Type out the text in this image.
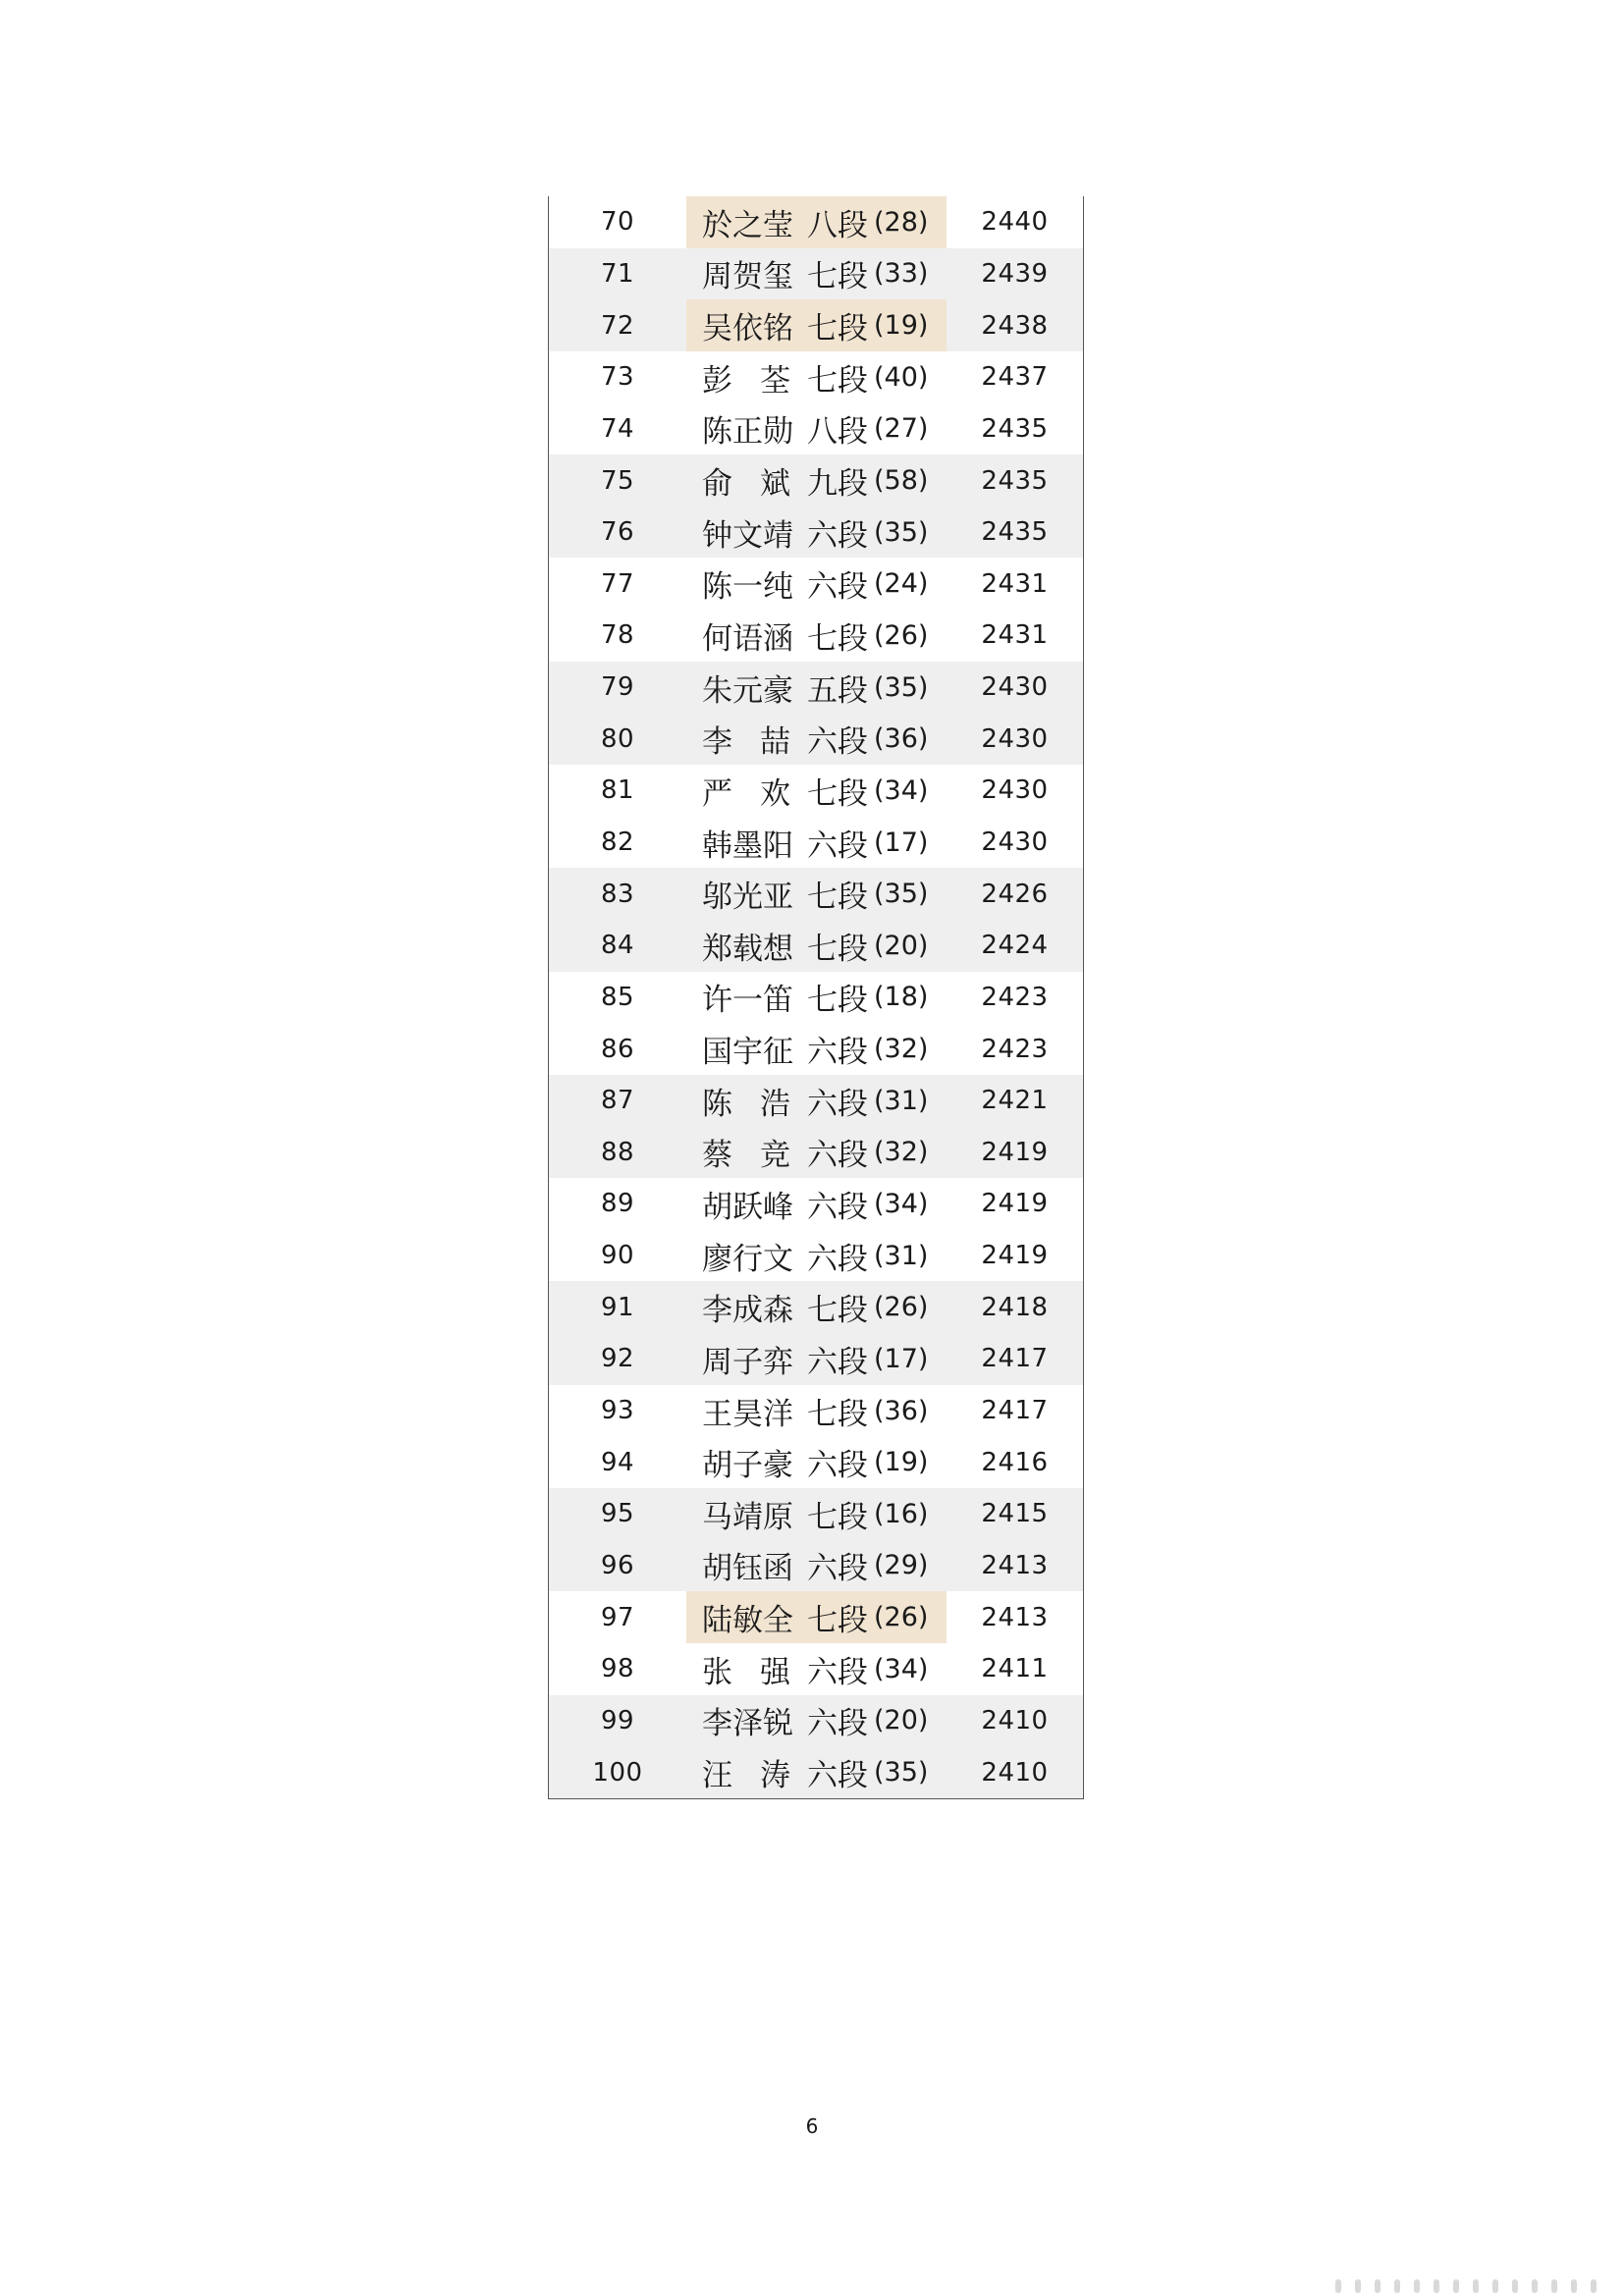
70	於之莹 八段 (28)	2440
71	周贺玺 七段 (33)	2439
72	吴依铭 七段 (19)	2438
73	彭荃 七段 (40)	2437
74	陈正勋 八段 (27)	2435
75	俞斌 九段 (58)	2435
76	钟文靖 六段 (35)	2435
77	陈一纯 六段 (24)	2431
78	何语涵 七段 (26)	2431
79	朱元豪 五段 (35)	2430
80	李喆 六段 (36)	2430
81	严欢 七段 (34)	2430
82	韩墨阳 六段 (17)	2430
83	邬光亚 七段 (35)	2426
84	郑载想 七段 (20)	2424
85	许一笛 七段 (18)	2423
86	国宇征 六段 (32)	2423
87	陈浩 六段 (31)	2421
88	蔡竞 六段 (32)	2419
89	胡跃峰 六段 (34)	2419
90	廖行文 六段 (31)	2419
91	李成森 七段 (26)	2418
92	周子弈 六段 (17)	2417
93	王昊洋 七段 (36)	2417
94	胡子豪 六段 (19)	2416
95	马靖原 七段 (16)	2415
96	胡钰函 六段 (29)	2413
97	陆敏全 七段 (26)	2413
98	张强 六段 (34)	2411
99	李泽锐 六段 (20)	2410
100	汪涛 六段 (35)	2410
6
